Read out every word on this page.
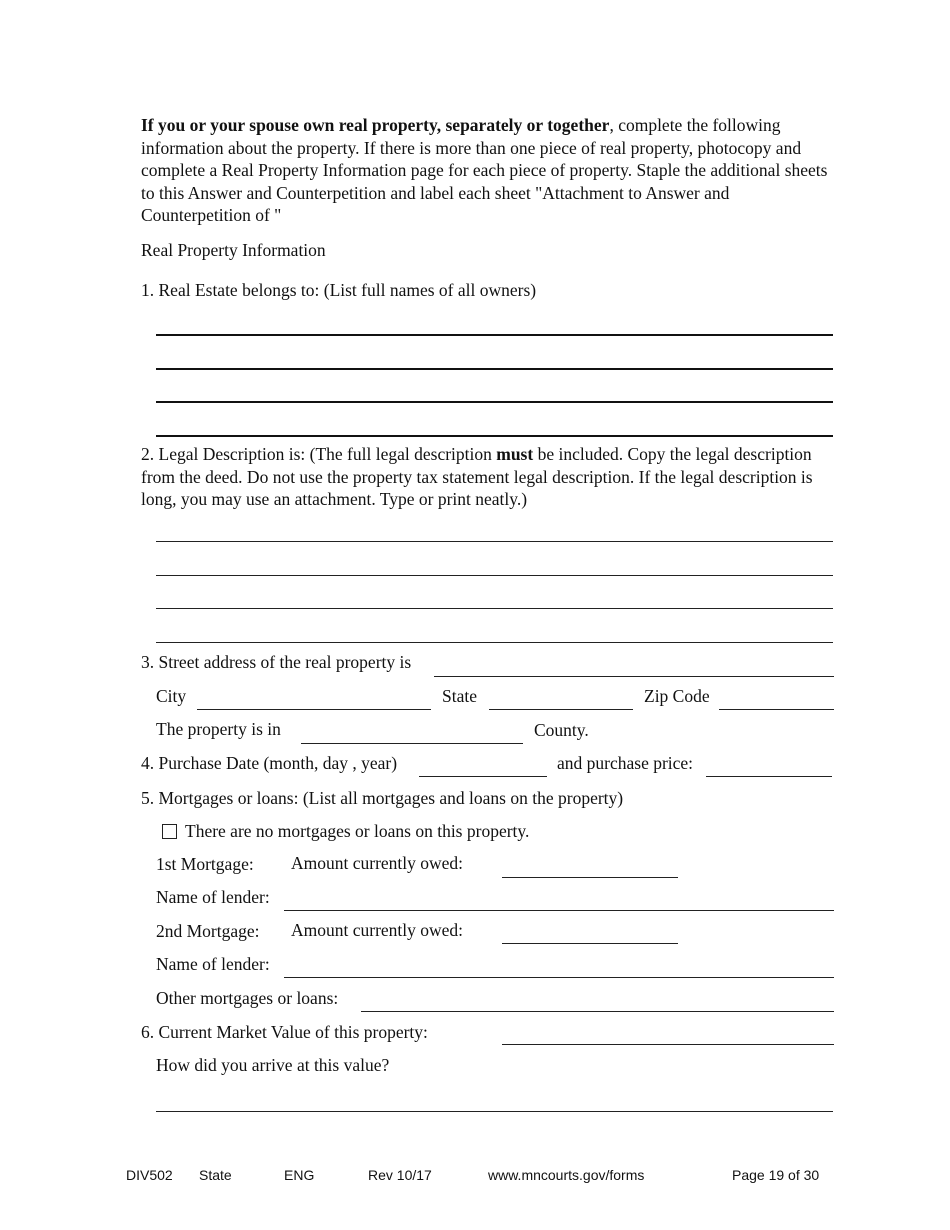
If you or your spouse own real property, separately or together, complete the following information about the property. If there is more than one piece of real property, photocopy and complete a Real Property Information page for each piece of property. Staple the additional sheets to this Answer and Counterpetition and label each sheet "Attachment to Answer and Counterpetition of "
Real Property Information
1. Real Estate belongs to: (List full names of all owners)
2. Legal Description is: (The full legal description must be included. Copy the legal description from the deed. Do not use the property tax statement legal description. If the legal description is long, you may use an attachment. Type or print neatly.)
3. Street address of the real property is
City	State	Zip Code
The property is in	County.
4. Purchase Date (month, day , year)	and purchase price:
5. Mortgages or loans: (List all mortgages and loans on the property)
There are no mortgages or loans on this property.
1st Mortgage: Amount currently owed:
Name of lender:
2nd Mortgage: Amount currently owed:
Name of lender:
Other mortgages or loans:
6. Current Market Value of this property:
How did you arrive at this value?
DIV502 State	ENG	Rev 10/17	www.mncourts.gov/forms	Page 19 of 30
